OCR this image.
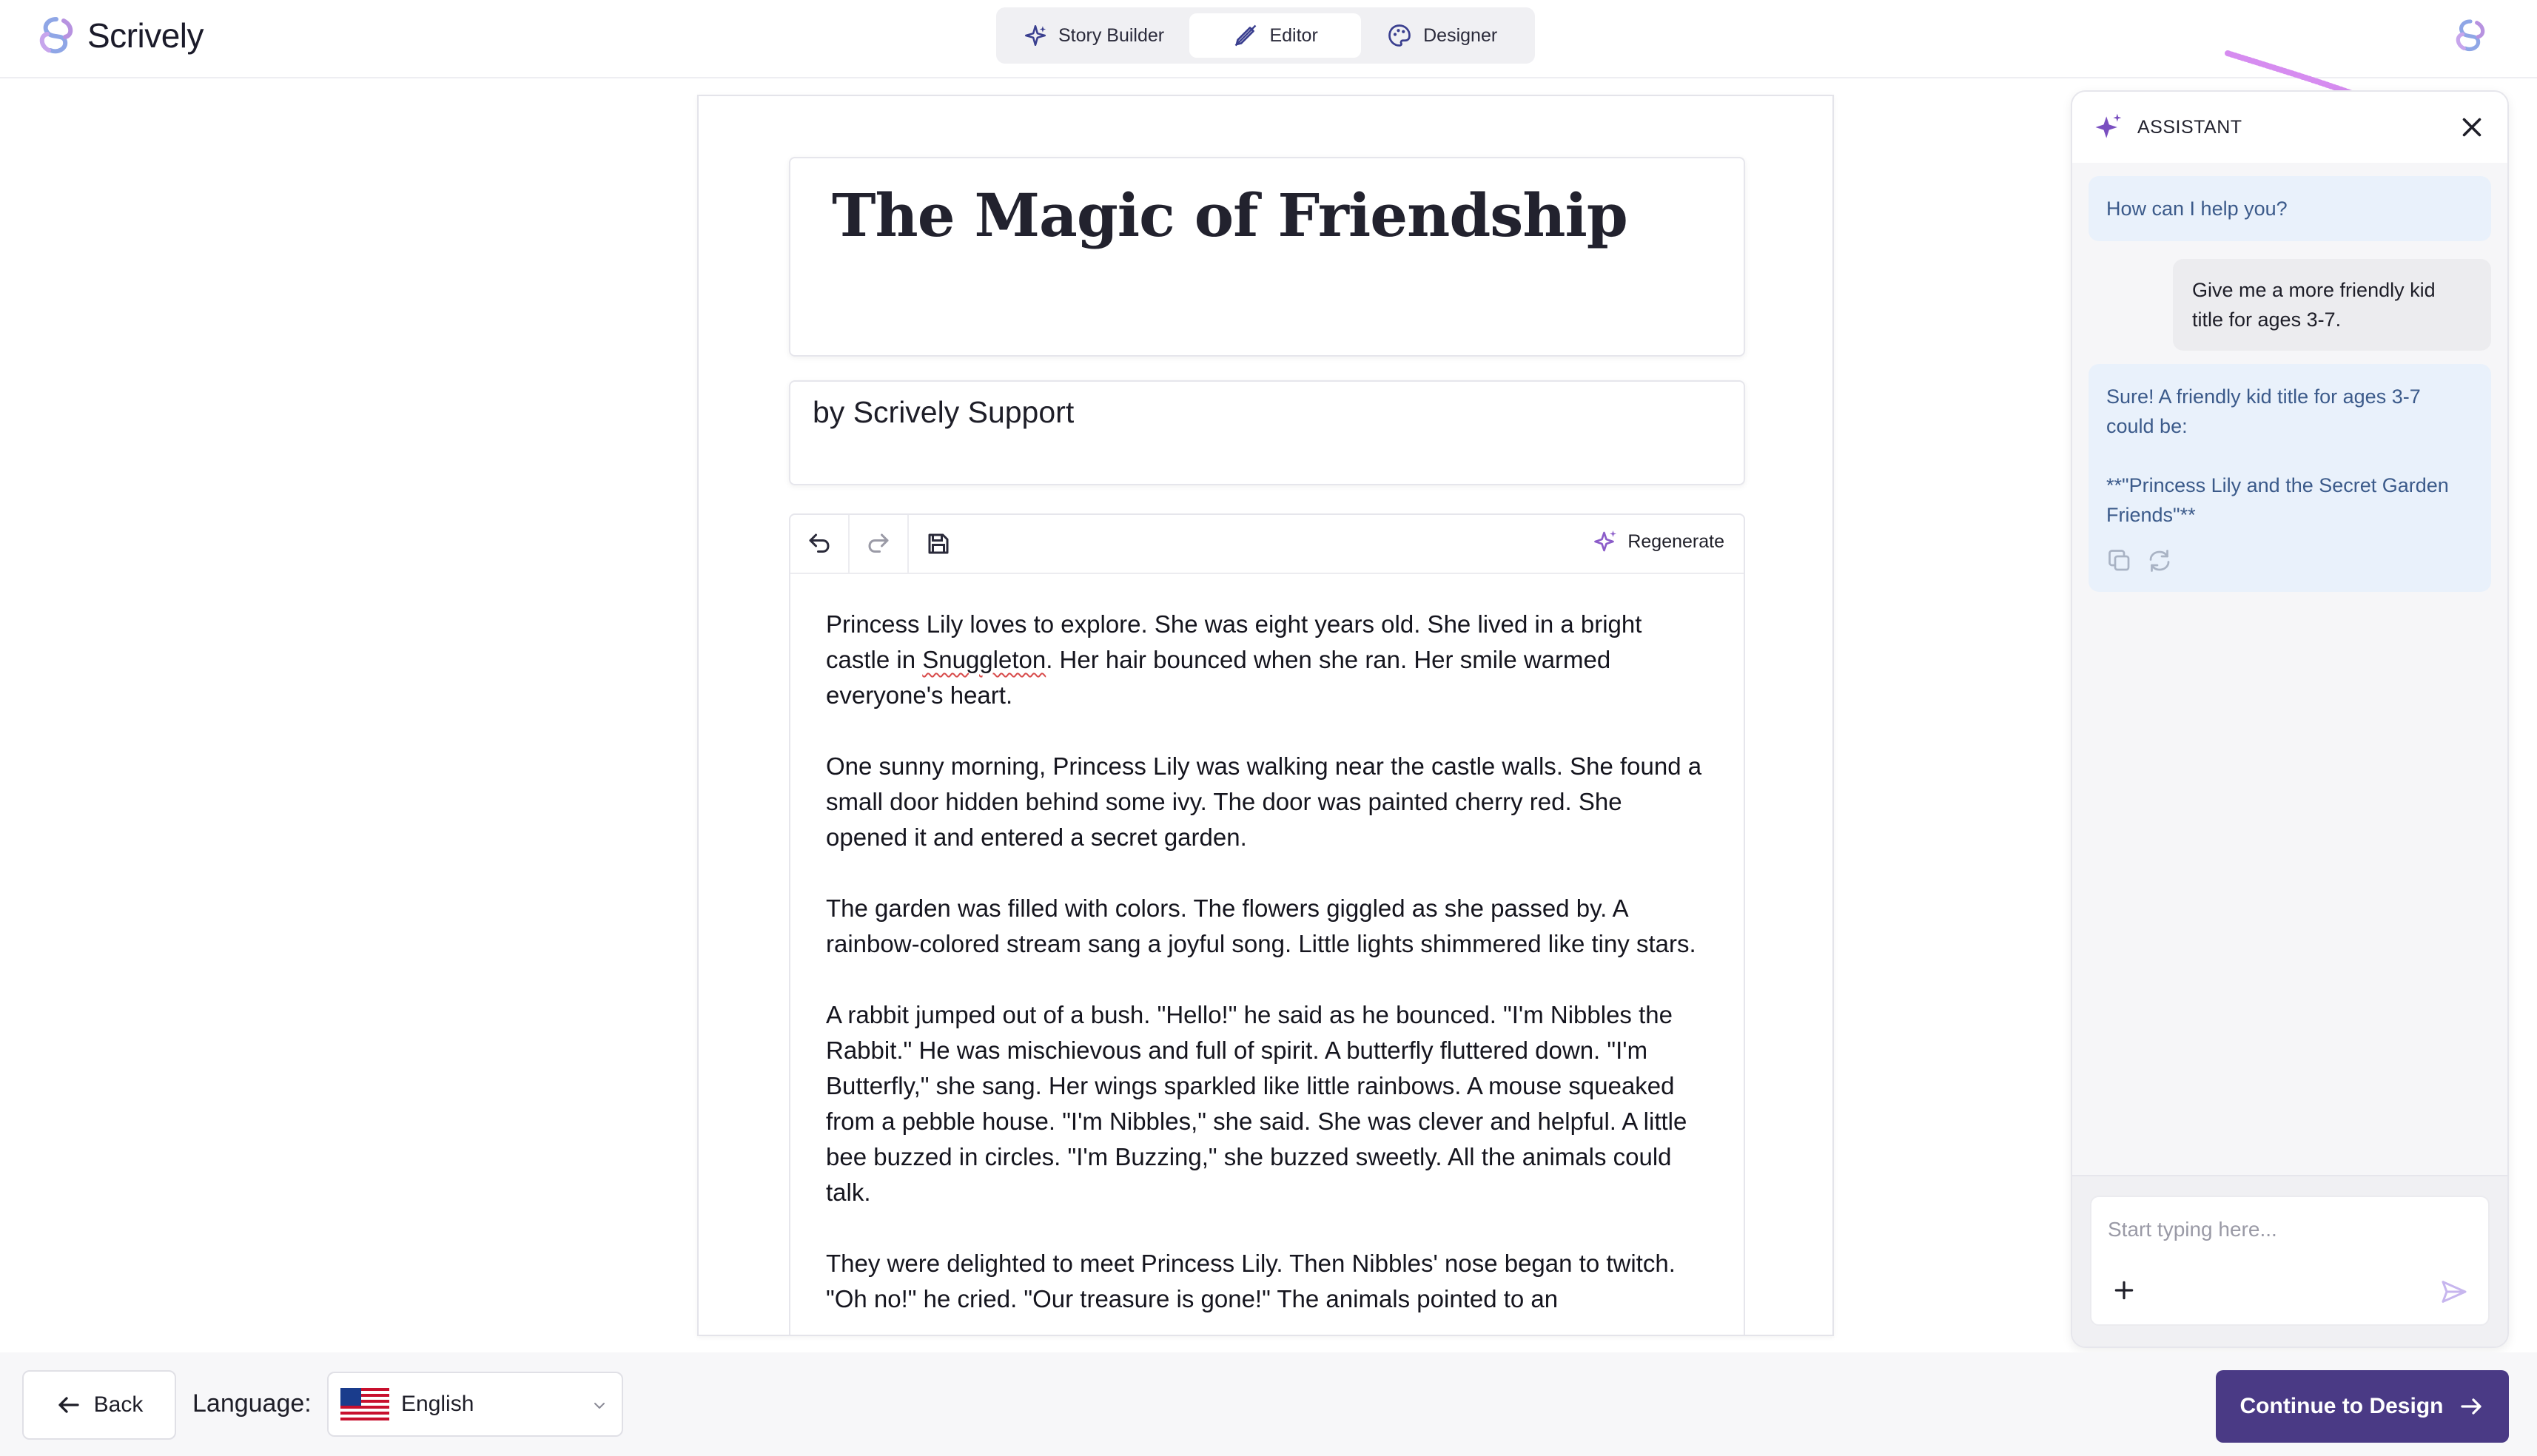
Scrively	Story Builder	Editor	Designer
The Magic of Friendship
by Scrively Support
Regenerate

Princess Lily loves to explore. She was eight years old. She lived in a bright castle in Snuggleton. Her hair bounced when she ran. Her smile warmed everyone's heart.

One sunny morning, Princess Lily was walking near the castle walls. She found a small door hidden behind some ivy. The door was painted cherry red. She opened it and entered a secret garden.

The garden was filled with colors. The flowers giggled as she passed by. A rainbow-colored stream sang a joyful song. Little lights shimmered like tiny stars.

A rabbit jumped out of a bush. "Hello!" he said as he bounced. "I'm Nibbles the Rabbit." He was mischievous and full of spirit. A butterfly fluttered down. "I'm Butterfly," she sang. Her wings sparkled like little rainbows. A mouse squeaked from a pebble house. "I'm Nibbles," she said. She was clever and helpful. A little bee buzzed in circles. "I'm Buzzing," she buzzed sweetly. All the animals could talk.

They were delighted to meet Princess Lily. Then Nibbles' nose began to twitch. "Oh no!" he cried. "Our treasure is gone!" The animals pointed to an

ASSISTANT
How can I help you?
Give me a more friendly kid title for ages 3-7.
Sure! A friendly kid title for ages 3-7 could be:
**"Princess Lily and the Secret Garden Friends"**
Start typing here...
Back Language:	English	Continue to Design
